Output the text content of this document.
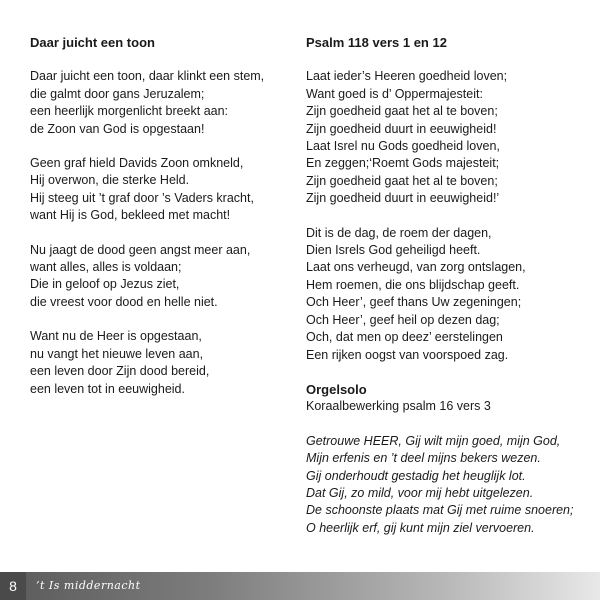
Daar juicht een toon
Daar juicht een toon, daar klinkt een stem,
die galmt door gans Jeruzalem;
een heerlijk morgenlicht breekt aan:
de Zoon van God is opgestaan!
Geen graf hield Davids Zoon omkneld,
Hij overwon, die sterke Held.
Hij steeg uit ’t graf door ’s Vaders kracht,
want Hij is God, bekleed met macht!
Nu jaagt de dood geen angst meer aan,
want alles, alles is voldaan;
Die in geloof op Jezus ziet,
die vreest voor dood en helle niet.
Want nu de Heer is opgestaan,
nu vangt het nieuwe leven aan,
een leven door Zijn dood bereid,
een leven tot in eeuwigheid.
Psalm 118 vers 1 en 12
Laat ieder’s Heeren goedheid loven;
Want goed is d’ Oppermajesteit:
Zijn goedheid gaat het al te boven;
Zijn goedheid duurt in eeuwigheid!
Laat Isrel nu Gods goedheid loven,
En zeggen;‘Roemt Gods majesteit;
Zijn goedheid gaat het al te boven;
Zijn goedheid duurt in eeuwigheid!’
Dit is de dag, de roem der dagen,
Dien Isrels God geheiligd heeft.
Laat ons verheugd, van zorg ontslagen,
Hem roemen, die ons blijdschap geeft.
Och Heer’, geef thans Uw zegeningen;
Och Heer’, geef heil op dezen dag;
Och, dat men op deez’ eerstelingen
Een rijken oogst van voorspoed zag.
Orgelsolo
Koraalbewerking psalm 16 vers 3
Getrouwe HEER, Gij wilt mijn goed, mijn God,
Mijn erfenis en ’t deel mijns bekers wezen.
Gij onderhoudt gestadig het heuglijk lot.
Dat Gij, zo mild, voor mij hebt uitgelezen.
De schoonste plaats mat Gij met ruime snoeren;
O heerlijk erf, gij kunt mijn ziel vervoeren.
8	’t Is middernacht
